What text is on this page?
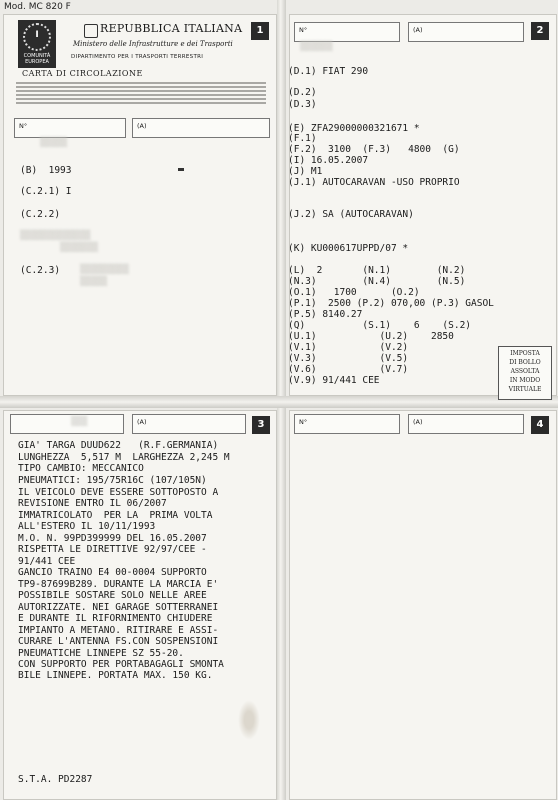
Mod. MC 820 F
1
I
COMUNITÀ
EUROPEA
REPUBBLICA ITALIANA
Ministero delle Infrastrutture e dei Trasporti
DIPARTIMENTO PER I TRASPORTI TERRESTRI
CARTA DI CIRCOLAZIONE
N°	(A)
▒▒▒▒▒
(B)  1993
(C.2.1) I
(C.2.2)
▒▒▒▒▒▒▒▒▒▒▒▒▒
▒▒▒▒▒▒▒
(C.2.3) ▒▒▒▒▒▒▒▒▒
▒▒▒▒▒
2
N°	(A)
▒▒▒▒▒▒
(D.1) FIAT 290
(D.2)
(D.3)
(E) ZFA29000000321671 *
(F.1)
(F.2)  3100  (F.3)   4800  (G)
(I) 16.05.2007
(J) M1
(J.1) AUTOCARAVAN -USO PROPRIO
(J.2) SA (AUTOCARAVAN)
(K) KU000617UPPD/07 *
(L)  2       (N.1)        (N.2)
(N.3)        (N.4)        (N.5)
(O.1)   1700      (O.2)
(P.1)  2500 (P.2) 070,00 (P.3) GASOL
(P.5) 8140.27
(Q)          (S.1)    6    (S.2)
(U.1)           (U.2)    2850
(V.1)           (V.2)
(V.3)           (V.5)
(V.6)           (V.7)
(V.9) 91/441 CEE
IMPOSTA
DI BOLLO
ASSOLTA
IN MODO
VIRTUALE
▒▒▒	(A)	3
GIA' TARGA DUUD622   (R.F.GERMANIA)
LUNGHEZZA  5,517 M  LARGHEZZA 2,245 M
TIPO CAMBIO: MECCANICO
PNEUMATICI: 195/75R16C (107/105N)
IL VEICOLO DEVE ESSERE SOTTOPOSTO A
REVISIONE ENTRO IL 06/2007
IMMATRICOLATO  PER LA  PRIMA VOLTA
ALL'ESTERO IL 10/11/1993
M.O. N. 99PD399999 DEL 16.05.2007
RISPETTA LE DIRETTIVE 92/97/CEE -
91/441 CEE
GANCIO TRAINO E4 00-0004 SUPPORTO
TP9-87699B289. DURANTE LA MARCIA E'
POSSIBILE SOSTARE SOLO NELLE AREE
AUTORIZZATE. NEI GARAGE SOTTERRANEI
E DURANTE IL RIFORNIMENTO CHIUDERE
IMPIANTO A METANO. RITIRARE E ASSI-
CURARE L'ANTENNA FS.CON SOSPENSIONI
PNEUMATICHE LINNEPE SZ 55-20.
CON SUPPORTO PER PORTABAGAGLI SMONTA
BILE LINNEPE. PORTATA MAX. 150 KG.
S.T.A. PD2287
N°	(A)	4
